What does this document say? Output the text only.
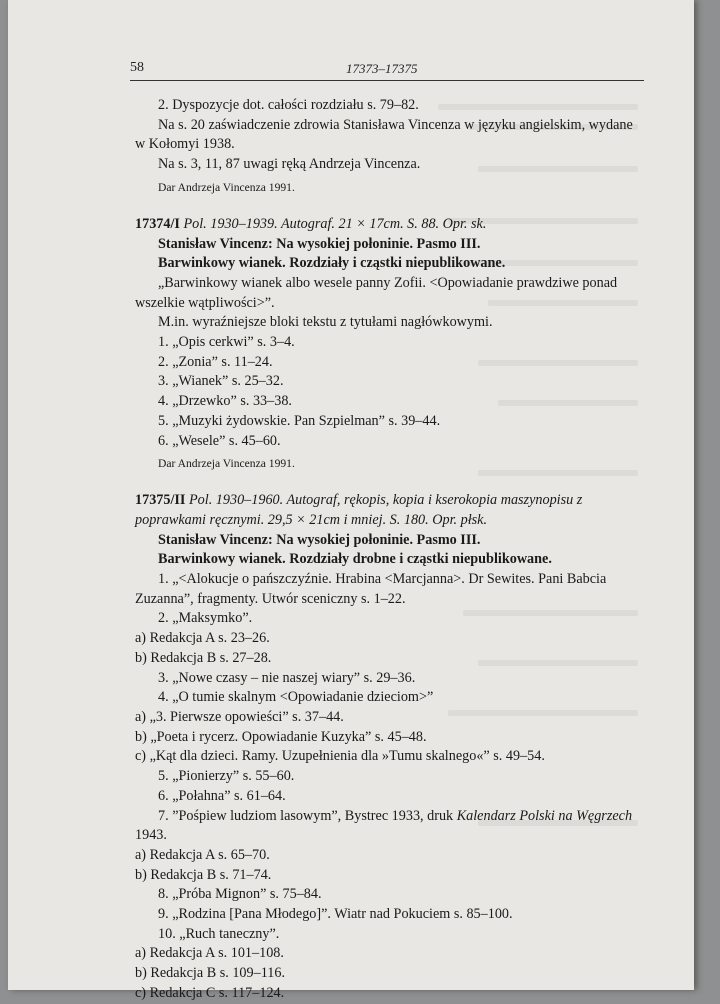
58	17373–17375

2. Dyspozycje dot. całości rozdziału s. 79–82.

Na s. 20 zaświadczenie zdrowia Stanisława Vincenza w języku angielskim, wydane w Kołomyi 1938.

Na s. 3, 11, 87 uwagi ręką Andrzeja Vincenza.

Dar Andrzeja Vincenza 1991.

17374/I Pol. 1930–1939. Autograf. 21 × 17cm. S. 88. Opr. sk.

Stanisław Vincenz: Na wysokiej połoninie. Pasmo III.

Barwinkowy wianek. Rozdziały i cząstki niepublikowane.

„Barwinkowy wianek albo wesele panny Zofii. <Opowiadanie prawdziwe ponad wszelkie wątpliwości>”.

M.in. wyraźniejsze bloki tekstu z tytułami nagłówkowymi.

1. „Opis cerkwi” s. 3–4.

2. „Zonia” s. 11–24.

3. „Wianek” s. 25–32.

4. „Drzewko” s. 33–38.

5. „Muzyki żydowskie. Pan Szpielman” s. 39–44.

6. „Wesele” s. 45–60.

Dar Andrzeja Vincenza 1991.

17375/II Pol. 1930–1960. Autograf, rękopis, kopia i kserokopia maszynopisu z poprawkami ręcznymi. 29,5 × 21cm i mniej. S. 180. Opr. płsk.

Stanisław Vincenz: Na wysokiej połoninie. Pasmo III.

Barwinkowy wianek. Rozdziały drobne i cząstki niepublikowane.

1. „<Alokucje o pańszczyźnie. Hrabina <Marcjanna>. Dr Sewites. Pani Babcia Zuzanna”, fragmenty. Utwór sceniczny s. 1–22.

2. „Maksymko”.

a) Redakcja A s. 23–26.

b) Redakcja B s. 27–28.

3. „Nowe czasy – nie naszej wiary” s. 29–36.

4. „O tumie skalnym <Opowiadanie dzieciom>”

a) „3. Pierwsze opowieści” s. 37–44.

b) „Poeta i rycerz. Opowiadanie Kuzyka” s. 45–48.

c) „Kąt dla dzieci. Ramy. Uzupełnienia dla »Tumu skalnego«” s. 49–54.

5. „Pionierzy” s. 55–60.

6. „Połahna” s. 61–64.

7. ”Pośpiew ludziom lasowym”, Bystrec 1933, druk Kalendarz Polski na Węgrzech 1943.

a) Redakcja A s. 65–70.

b) Redakcja B s. 71–74.

8. „Próba Mignon” s. 75–84.

9. „Rodzina [Pana Młodego]”. Wiatr nad Pokuciem s. 85–100.

10. „Ruch taneczny”.

a) Redakcja A s. 101–108.

b) Redakcja B s. 109–116.

c) Redakcja C s. 117–124.
